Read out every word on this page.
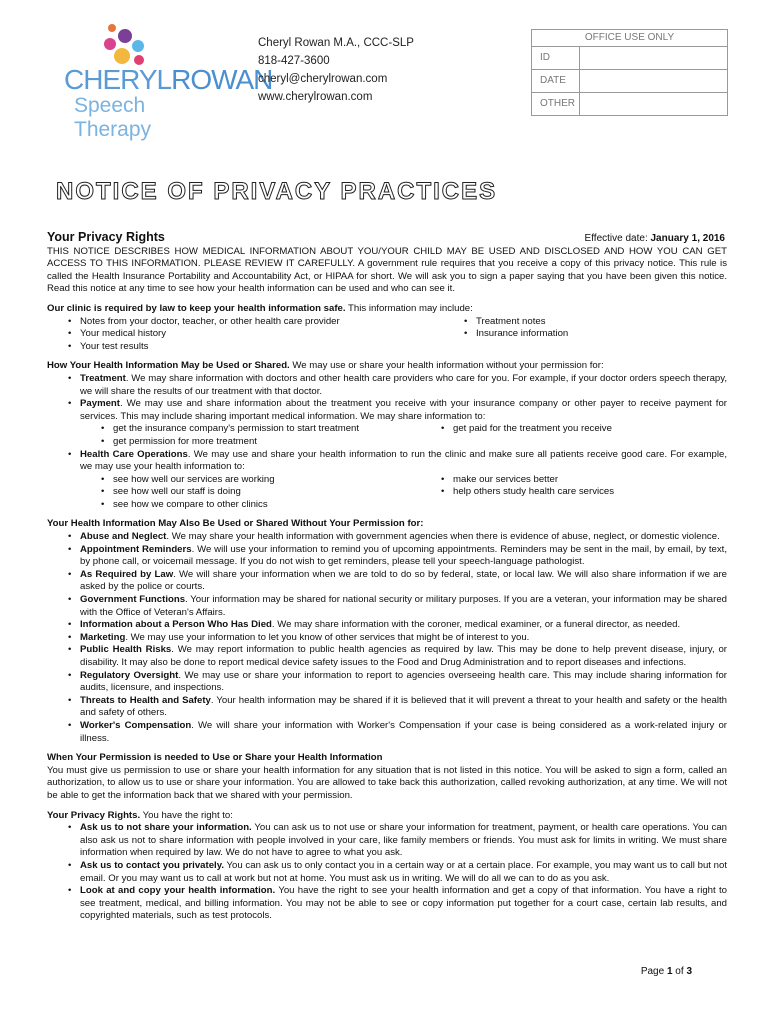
CHERYLROWAN
Speech Therapy
Cheryl Rowan M.A., CCC-SLP
818-427-3600
cheryl@cherylrowan.com
www.cherylrowan.com
OFFICE USE ONLY
ID
DATE
OTHER
NOTICE OF PRIVACY PRACTICES
Your Privacy Rights	Effective date: January 1, 2016

THIS NOTICE DESCRIBES HOW MEDICAL INFORMATION ABOUT YOU/YOUR CHILD MAY BE USED AND DISCLOSED AND HOW YOU CAN GET ACCESS TO THIS INFORMATION. PLEASE REVIEW IT CAREFULLY. A government rule requires that you receive a copy of this privacy notice. This rule is called the Health Insurance Portability and Accountability Act, or HIPAA for short. We will ask you to sign a paper saying that you have been given this notice. Read this notice at any time to see how your health information can be used and who can see it.

Our clinic is required by law to keep your health information safe. This information may include:

• Notes from your doctor, teacher, or other health care provider
• Your medical history
• Your test results
• Treatment notes
• Insurance information

How Your Health Information May be Used or Shared. We may use or share your health information without your permission for:

• Treatment. We may share information with doctors and other health care providers who care for you. For example, if your doctor orders speech therapy, we will share the results of our treatment with that doctor.
• Payment. We may use and share information about the treatment you receive with your insurance company or other payer to receive payment for services. This may include sharing important medical information. We may share information to:
• get the insurance company's permission to start treatment
• get permission for more treatment
• get paid for the treatment you receive
• Health Care Operations. We may use and share your health information to run the clinic and make sure all patients receive good care. For example, we may use your health information to:
• see how well our services are working
• see how well our staff is doing
• see how we compare to other clinics
• make our services better
• help others study health care services

Your Health Information May Also Be Used or Shared Without Your Permission for:

• Abuse and Neglect. We may share your health information with government agencies when there is evidence of abuse, neglect, or domestic violence.
• Appointment Reminders. We will use your information to remind you of upcoming appointments. Reminders may be sent in the mail, by email, by text, by phone call, or voicemail message. If you do not wish to get reminders, please tell your speech-language pathologist.
• As Required by Law. We will share your information when we are told to do so by federal, state, or local law. We will also share information if we are asked by the police or courts.
• Government Functions. Your information may be shared for national security or military purposes. If you are a veteran, your information may be shared with the Office of Veteran's Affairs.
• Information about a Person Who Has Died. We may share information with the coroner, medical examiner, or a funeral director, as needed.
• Marketing. We may use your information to let you know of other services that might be of interest to you.
• Public Health Risks. We may report information to public health agencies as required by law. This may be done to help prevent disease, injury, or disability. It may also be done to report medical device safety issues to the Food and Drug Administration and to report diseases and infections.
• Regulatory Oversight. We may use or share your information to report to agencies overseeing health care. This may include sharing information for audits, licensure, and inspections.
• Threats to Health and Safety. Your health information may be shared if it is believed that it will prevent a threat to your health and safety or the health and safety of others.
• Worker's Compensation. We will share your information with Worker's Compensation if your case is being considered as a work-related injury or illness.

When Your Permission is needed to Use or Share your Health Information

You must give us permission to use or share your health information for any situation that is not listed in this notice. You will be asked to sign a form, called an authorization, to allow us to use or share your information. You are allowed to take back this authorization, called revoking authorization, at any time. We will not be able to get the information back that we shared with your permission.

Your Privacy Rights. You have the right to:

• Ask us to not share your information. You can ask us to not use or share your information for treatment, payment, or health care operations. You can also ask us not to share information with people involved in your care, like family members or friends. You must ask for limits in writing. We must share information when required by law. We do not have to agree to what you ask.
• Ask us to contact you privately. You can ask us to only contact you in a certain way or at a certain place. For example, you may want us to call but not email. Or you may want us to call at work but not at home. You must ask us in writing. We will do all we can to do as you ask.
• Look at and copy your health information. You have the right to see your health information and get a copy of that information. You have a right to see treatment, medical, and billing information. You may not be able to see or copy information put together for a court case, certain lab results, and copyrighted materials, such as test protocols.
Page 1 of 3
